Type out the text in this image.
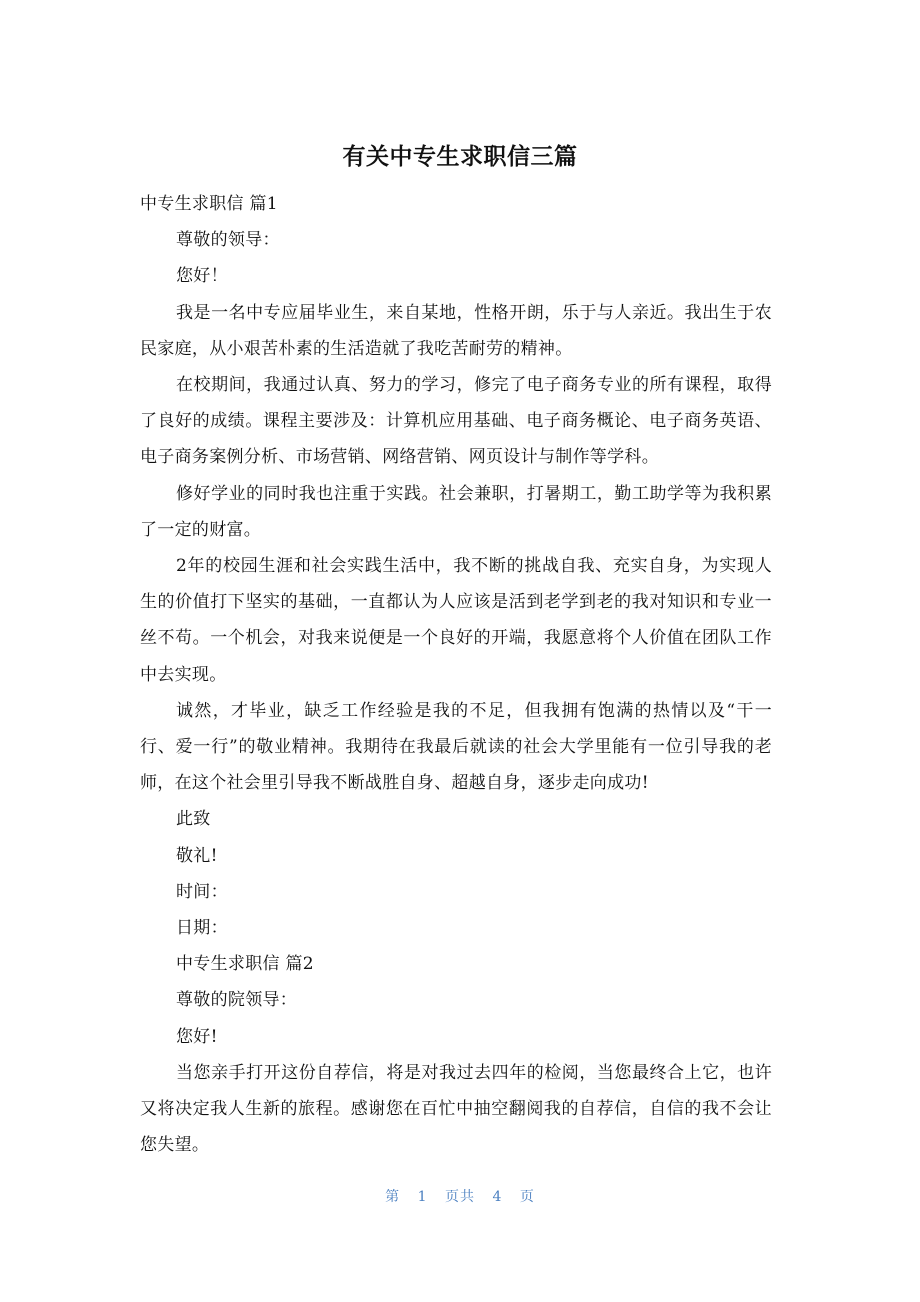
有关中专生求职信三篇

中专生求职信 篇1

尊敬的领导：

您好！

我是一名中专应届毕业生，来自某地，性格开朗，乐于与人亲近。我出生于农民家庭，从小艰苦朴素的生活造就了我吃苦耐劳的精神。

在校期间，我通过认真、努力的学习，修完了电子商务专业的所有课程，取得了良好的成绩。课程主要涉及：计算机应用基础、电子商务概论、电子商务英语、电子商务案例分析、市场营销、网络营销、网页设计与制作等学科。

修好学业的同时我也注重于实践。社会兼职，打暑期工，勤工助学等为我积累了一定的财富。

2年的校园生涯和社会实践生活中，我不断的挑战自我、充实自身，为实现人生的价值打下坚实的基础，一直都认为人应该是活到老学到老的我对知识和专业一丝不苟。一个机会，对我来说便是一个良好的开端，我愿意将个人价值在团队工作中去实现。

诚然，才毕业，缺乏工作经验是我的不足，但我拥有饱满的热情以及“干一行、爱一行”的敬业精神。我期待在我最后就读的社会大学里能有一位引导我的老师，在这个社会里引导我不断战胜自身、超越自身，逐步走向成功!

此致

敬礼!

时间：

日期：

中专生求职信 篇2

尊敬的院领导：

您好!

当您亲手打开这份自荐信，将是对我过去四年的检阅，当您最终合上它，也许又将决定我人生新的旅程。感谢您在百忙中抽空翻阅我的自荐信，自信的我不会让您失望。

第 1 页共 4 页
